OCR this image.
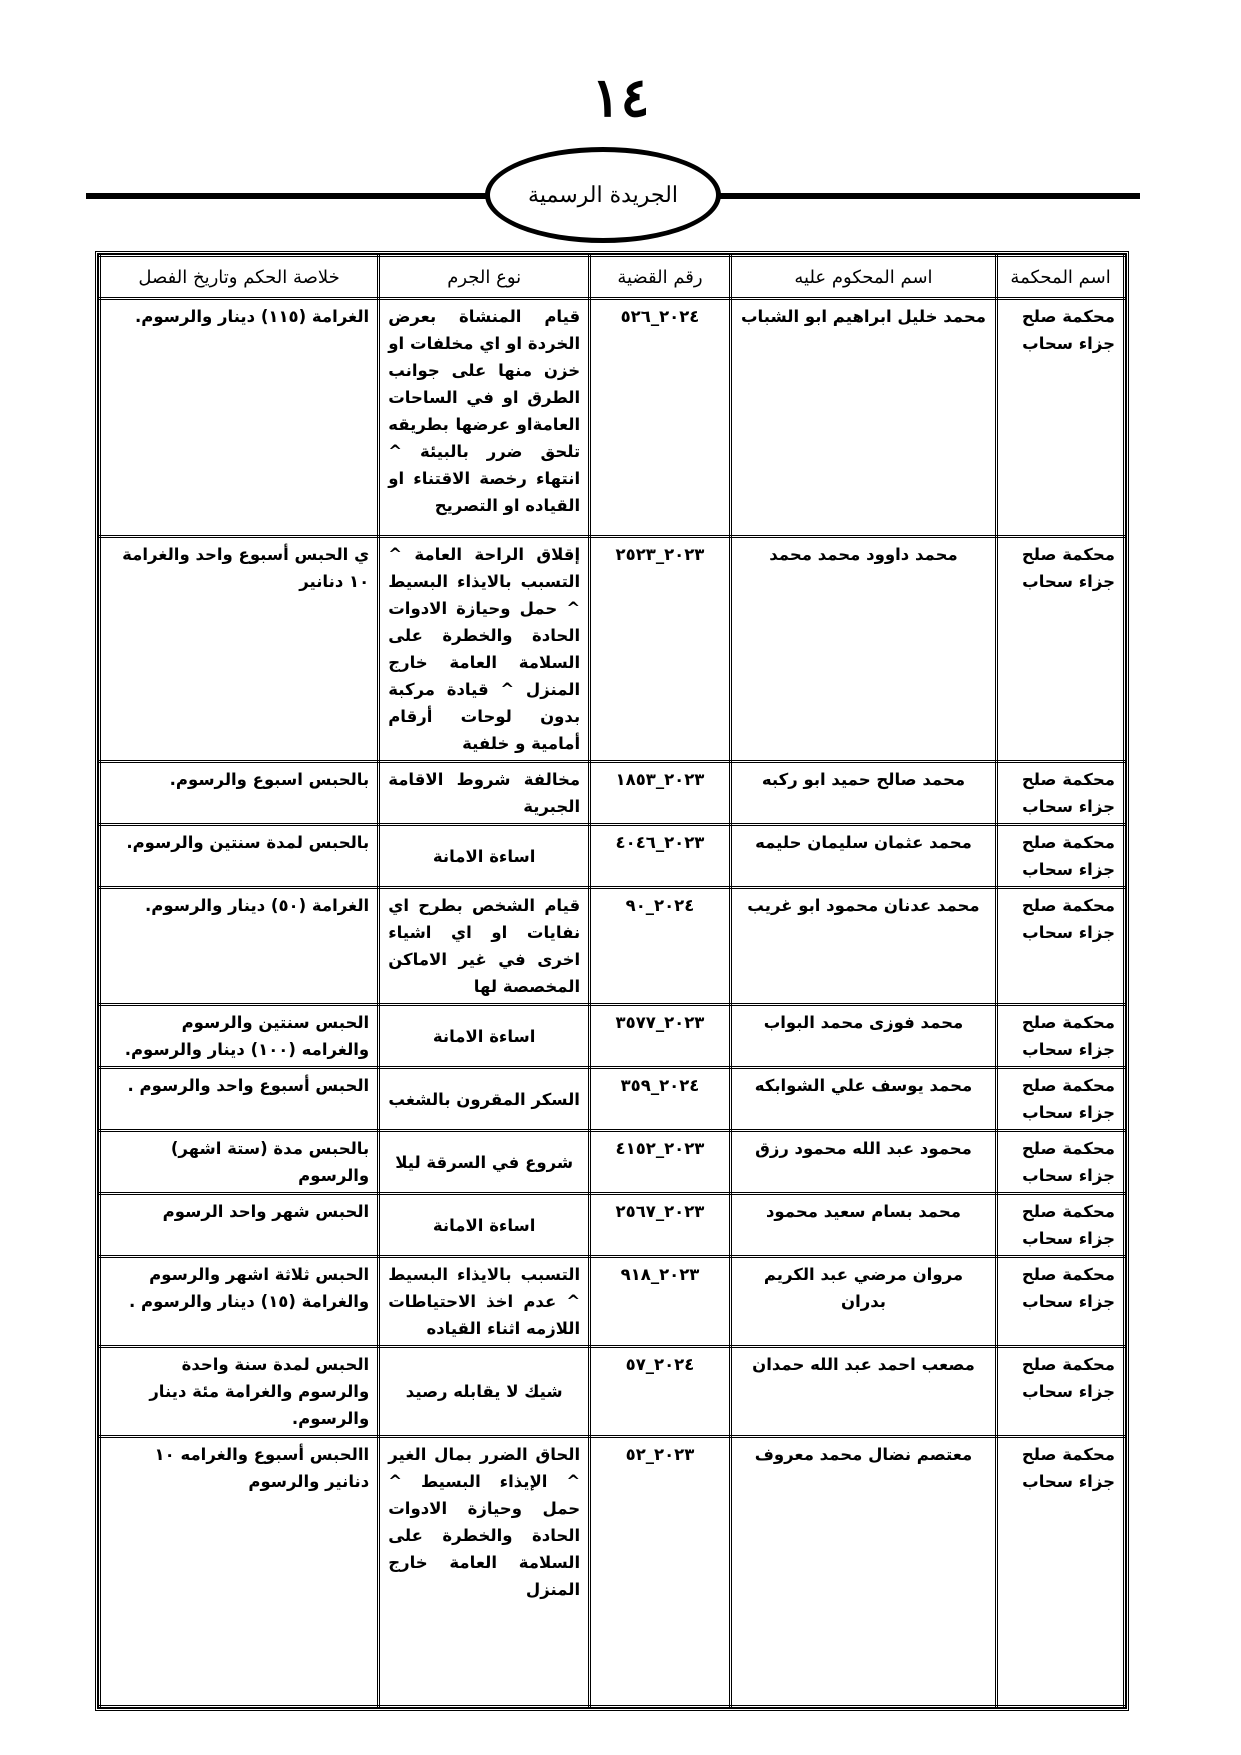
١٤
الجريدة الرسمية
اسم المحكمة	اسم المحكوم عليه	رقم القضية	نوع الجرم	خلاصة الحكم وتاريخ الفصل
محكمة صلح جزاء سحاب	محمد خليل ابراهيم ابو الشباب	٢٠٢٤_٥٢٦	قيام المنشاة بعرض الخردة او اي مخلفات او خزن منها على جوانب الطرق او في الساحات العامةاو عرضها بطريقه تلحق ضرر بالبيئة ^ انتهاء رخصة الاقتناء او القياده او التصريح	الغرامة (١١٥) دينار والرسوم.
محكمة صلح جزاء سحاب	محمد داوود محمد محمد	٢٠٢٣_٢٥٢٣	إقلاق الراحة العامة ^ التسبب بالايذاء البسيط ^ حمل وحيازة الادوات الحادة والخطرة على السلامة العامة خارج المنزل ^ قيادة مركبة بدون لوحات أرقام أمامية و خلفية	ي الحبس أسبوع واحد والغرامة ١٠ دنانير
محكمة صلح جزاء سحاب	محمد صالح حميد ابو ركبه	٢٠٢٣_١٨٥٣	مخالفة شروط الاقامة الجبرية	بالحبس اسبوع والرسوم.
محكمة صلح جزاء سحاب	محمد عثمان سليمان حليمه	٢٠٢٣_٤٠٤٦	اساءة الامانة	بالحبس لمدة سنتين والرسوم.
محكمة صلح جزاء سحاب	محمد عدنان محمود ابو غريب	٢٠٢٤_٩٠	قيام الشخص بطرح اي نفايات او اي اشياء اخرى في غير الاماكن المخصصة لها	الغرامة (٥٠) دينار والرسوم.
محكمة صلح جزاء سحاب	محمد فوزى محمد البواب	٢٠٢٣_٣٥٧٧	اساءة الامانة	الحبس سنتين والرسوم والغرامه (١٠٠) دينار والرسوم.
محكمة صلح جزاء سحاب	محمد يوسف علي الشوابكه	٢٠٢٤_٣٥٩	السكر المقرون بالشغب	الحبس أسبوع واحد والرسوم .
محكمة صلح جزاء سحاب	محمود عبد الله محمود رزق	٢٠٢٣_٤١٥٢	شروع في السرقة ليلا	بالحبس مدة (ستة اشهر) والرسوم
محكمة صلح جزاء سحاب	محمد بسام سعيد محمود	٢٠٢٣_٢٥٦٧	اساءة الامانة	الحبس شهر واحد الرسوم
محكمة صلح جزاء سحاب	مروان مرضي عبد الكريم بدران	٢٠٢٣_٩١٨	التسبب بالايذاء البسيط ^ عدم اخذ الاحتياطات اللازمه اثناء القياده	الحبس ثلاثة اشهر والرسوم والغرامة (١٥) دينار والرسوم .
محكمة صلح جزاء سحاب	مصعب احمد عبد الله حمدان	٢٠٢٤_٥٧	شيك لا يقابله رصيد	الحبس لمدة سنة واحدة والرسوم والغرامة مئة دينار والرسوم.
محكمة صلح جزاء سحاب	معتصم نضال محمد معروف	٢٠٢٣_٥٢	الحاق الضرر بمال الغير ^ الإيذاء البسيط ^ حمل وحيازة الادوات الحادة والخطرة على السلامة العامة خارج المنزل	االحبس أسبوع والغرامه ١٠ دنانير والرسوم
